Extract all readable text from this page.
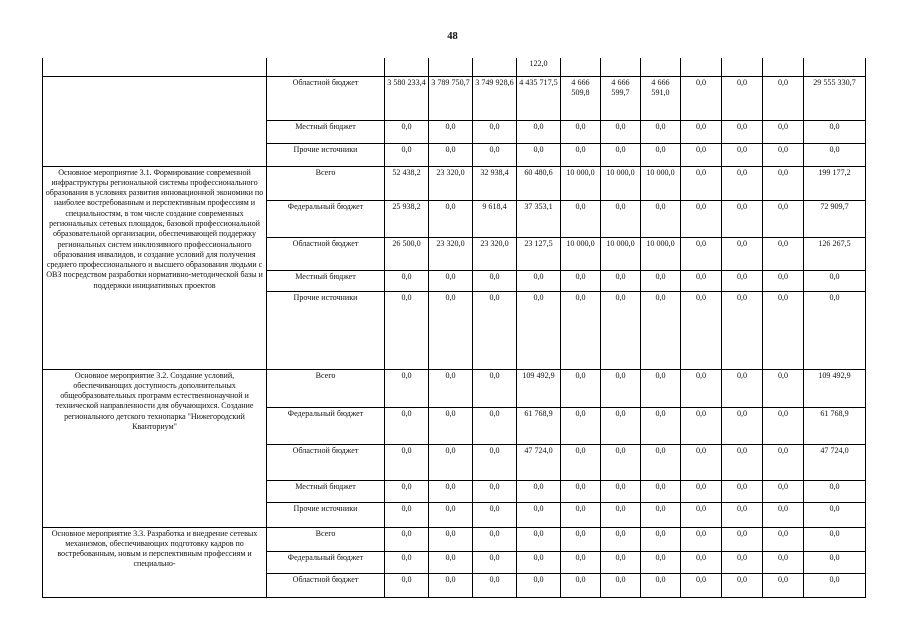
48
					122,0							
	Областной бюджет	3 580 233,4	3 789 750,7	3 749 928,6	4 435 717,5	4 666 509,8	4 666 599,7	4 666 591,0	0,0	0,0	0,0	29 555 330,7
	Местный бюджет	0,0	0,0	0,0	0,0	0,0	0,0	0,0	0,0	0,0	0,0	0,0
	Прочие источники	0,0	0,0	0,0	0,0	0,0	0,0	0,0	0,0	0,0	0,0	0,0
Основное мероприятие 3.1. Формирование современной инфраструктуры региональной системы профессионального образования в условиях развития инновационной экономики по наиболее востребованным и перспективным профессиям и специальностям, в том числе создание современных региональных сетевых площадок, базовой профессиональной образовательной организации, обеспечивающей поддержку региональных систем инклюзивного профессионального образования инвалидов, и создание условий для получения среднего профессионального и высшего образования людьми с ОВЗ посредством разработки нормативно-методической базы и поддержки инициативных проектов	Всего	52 438,2	23 320,0	32 938,4	60 480,6	10 000,0	10 000,0	10 000,0	0,0	0,0	0,0	199 177,2
	Федеральный бюджет	25 938,2	0,0	9 618,4	37 353,1	0,0	0,0	0,0	0,0	0,0	0,0	72 909,7
	Областной бюджет	26 500,0	23 320,0	23 320,0	23 127,5	10 000,0	10 000,0	10 000,0	0,0	0,0	0,0	126 267,5
	Местный бюджет	0,0	0,0	0,0	0,0	0,0	0,0	0,0	0,0	0,0	0,0	0,0
	Прочие источники	0,0	0,0	0,0	0,0	0,0	0,0	0,0	0,0	0,0	0,0	0,0
Основное мероприятие 3.2. Создание условий, обеспечивающих доступность дополнительных общеобразовательных программ естественнонаучной и технической направленности для обучающихся. Создание регионального детского технопарка "Нижегородский Кванториум"	Всего	0,0	0,0	0,0	109 492,9	0,0	0,0	0,0	0,0	0,0	0,0	109 492,9
	Федеральный бюджет	0,0	0,0	0,0	61 768,9	0,0	0,0	0,0	0,0	0,0	0,0	61 768,9
	Областной бюджет	0,0	0,0	0,0	47 724,0	0,0	0,0	0,0	0,0	0,0	0,0	47 724,0
	Местный бюджет	0,0	0,0	0,0	0,0	0,0	0,0	0,0	0,0	0,0	0,0	0,0
	Прочие источники	0,0	0,0	0,0	0,0	0,0	0,0	0,0	0,0	0,0	0,0	0,0
Основное мероприятие 3.3. Разработка и внедрение сетевых механизмов, обеспечивающих подготовку кадров по востребованным, новым и перспективным профессиям и специально-	Всего	0,0	0,0	0,0	0,0	0,0	0,0	0,0	0,0	0,0	0,0	0,0
	Федеральный бюджет	0,0	0,0	0,0	0,0	0,0	0,0	0,0	0,0	0,0	0,0	0,0
	Областной бюджет	0,0	0,0	0,0	0,0	0,0	0,0	0,0	0,0	0,0	0,0	0,0
